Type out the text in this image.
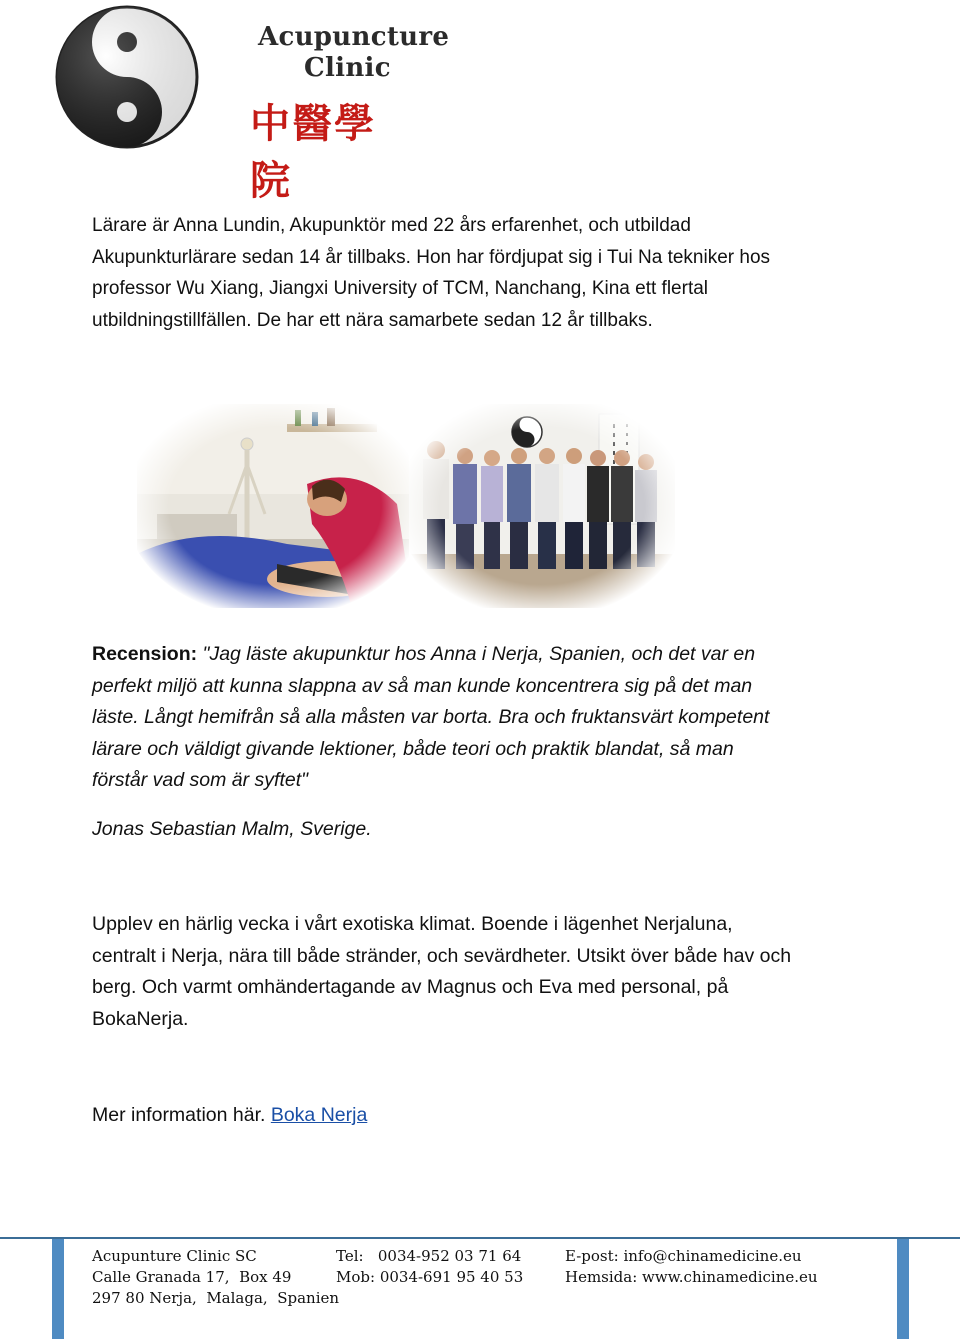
Acupuncture
Clinic
中醫學院
Lärare är Anna Lundin, Akupunktör med 22 års erfarenhet, och utbildad
Akupunkturlärare sedan 14 år tillbaks. Hon har fördjupat sig i Tui Na tekniker hos
professor Wu Xiang, Jiangxi University of TCM, Nanchang, Kina ett flertal
utbildningstillfällen. De har ett nära samarbete sedan 12 år tillbaks.
Recension: "Jag läste akupunktur hos Anna i Nerja, Spanien, och det var en
perfekt miljö att kunna slappna av så man kunde koncentrera sig på det man
läste. Långt hemifrån så alla måsten var borta. Bra och fruktansvärt kompetent
lärare och väldigt givande lektioner, både teori och praktik blandat, så man
förstår vad som är syftet"
Jonas Sebastian Malm, Sverige.
Upplev en härlig vecka i vårt exotiska klimat. Boende i lägenhet Nerjaluna,
centralt i Nerja, nära till både stränder, och sevärdheter. Utsikt över både hav och
berg. Och varmt omhändertagande av Magnus och Eva med personal, på
BokaNerja.
Mer information här. Boka Nerja
Acupunture Clinic SC
Calle Granada 17,  Box 49
297 80 Nerja,  Malaga,  Spanien
Tel:   0034-952 03 71 64
Mob: 0034-691 95 40 53
E-post: info@chinamedicine.eu
Hemsida: www.chinamedicine.eu
